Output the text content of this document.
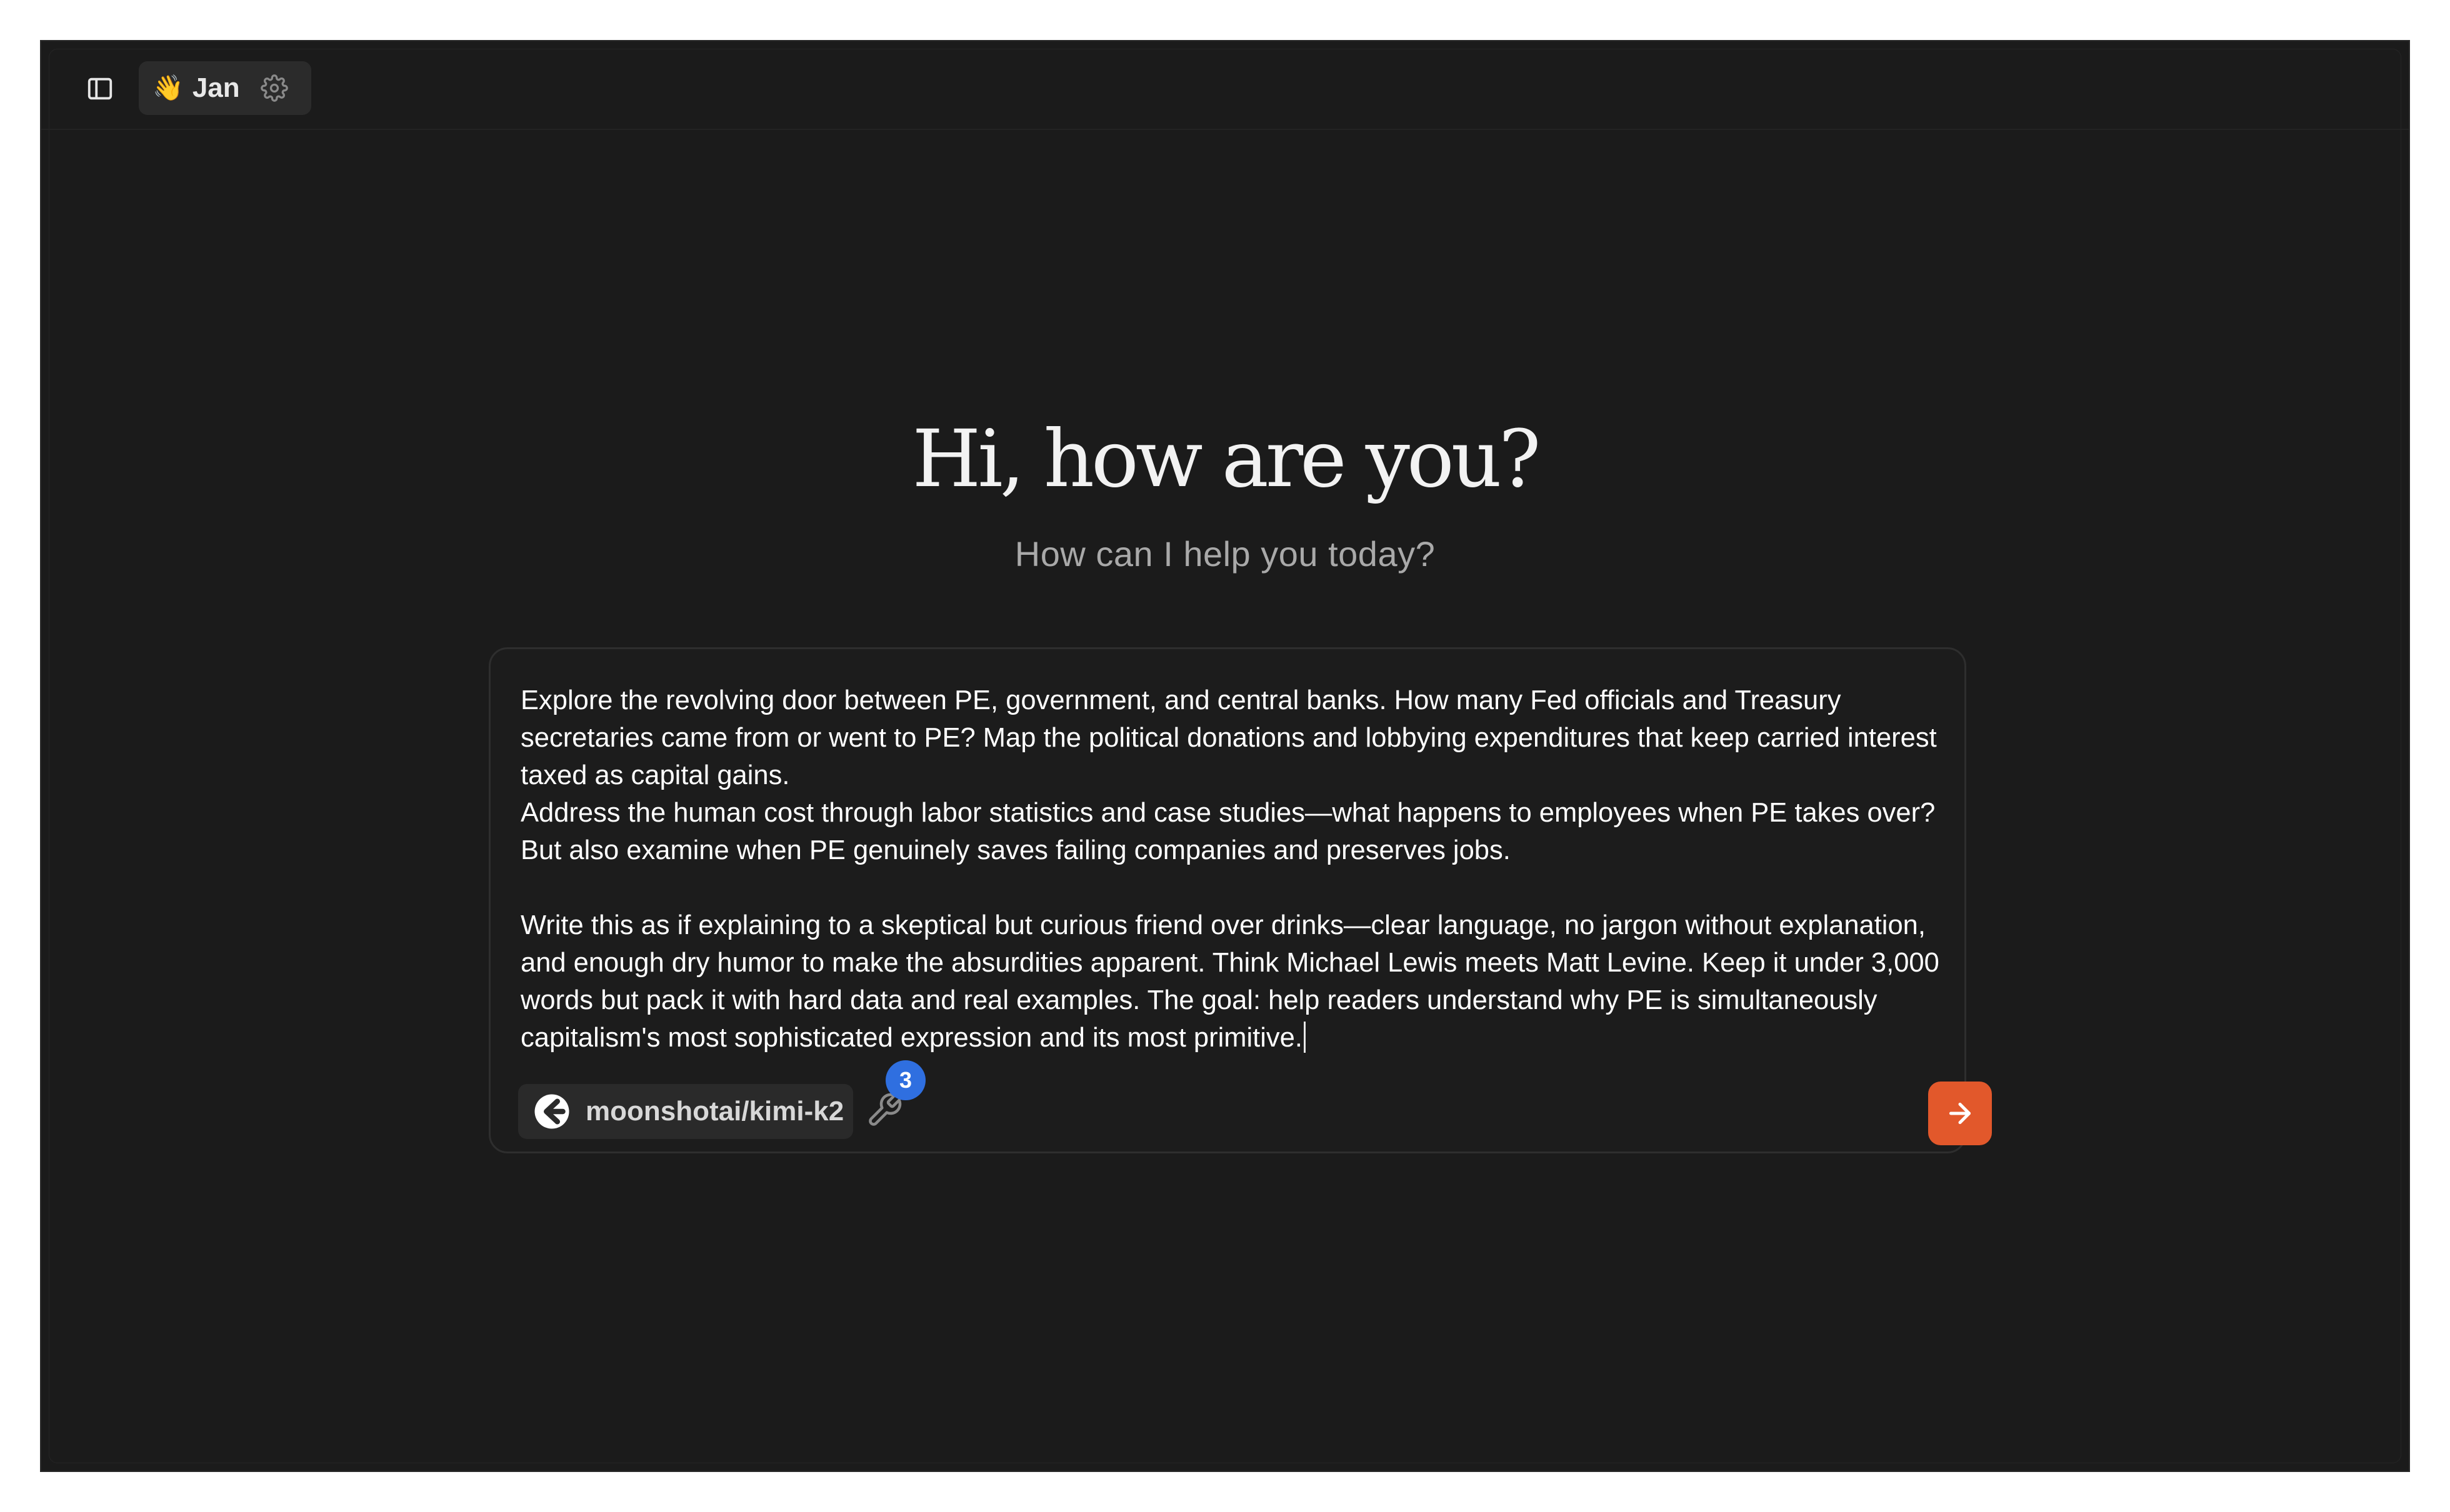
👋 Jan
Hi, how are you?
How can I help you today?

Explore the revolving door between PE, government, and central banks. How many Fed officials and Treasury secretaries came from or went to PE? Map the political donations and lobbying expenditures that keep carried interest taxed as capital gains.
Address the human cost through labor statistics and case studies—what happens to employees when PE takes over? But also examine when PE genuinely saves failing companies and preserves jobs.

Write this as if explaining to a skeptical but curious friend over drinks—clear language, no jargon without explanation, and enough dry humor to make the absurdities apparent. Think Michael Lewis meets Matt Levine. Keep it under 3,000 words but pack it with hard data and real examples. The goal: help readers understand why PE is simultaneously capitalism's most sophisticated expression and its most primitive.

moonshotai/kimi-k2
3
